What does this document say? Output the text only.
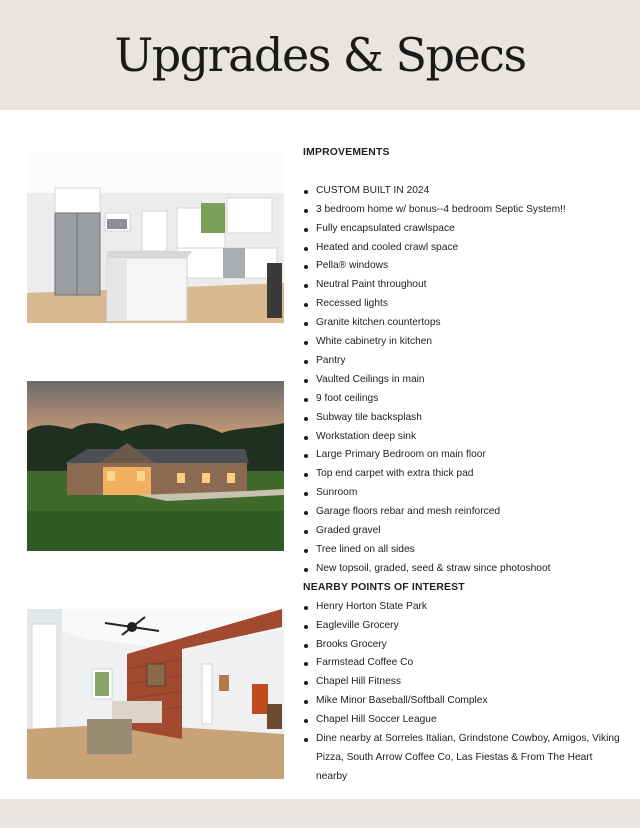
Upgrades & Specs
IMPROVEMENTS
CUSTOM BUILT IN 2024
3 bedroom home w/ bonus--4 bedroom Septic System!!
Fully encapsulated crawlspace
Heated and cooled crawl space
Pella® windows
Neutral Paint throughout
Recessed lights
Granite kitchen countertops
White cabinetry in kitchen
Pantry
Vaulted Ceilings in main
9 foot ceilings
Subway tile backsplash
Workstation deep sink
Large Primary Bedroom on main floor
Top end carpet with extra thick pad
Sunroom
Garage floors rebar and mesh reinforced
Graded gravel
Tree lined on all sides
New topsoil, graded, seed & straw since photoshoot
NEARBY POINTS OF INTEREST
Henry Horton State Park
Eagleville Grocery
Brooks Grocery
Farmstead Coffee Co
Chapel Hill Fitness
Mike Minor Baseball/Softball Complex
Chapel Hill Soccer League
Dine nearby at Sorreles Italian, Grindstone Cowboy, Amigos, Viking Pizza, South Arrow Coffee Co, Las Fiestas & From The Heart nearby
